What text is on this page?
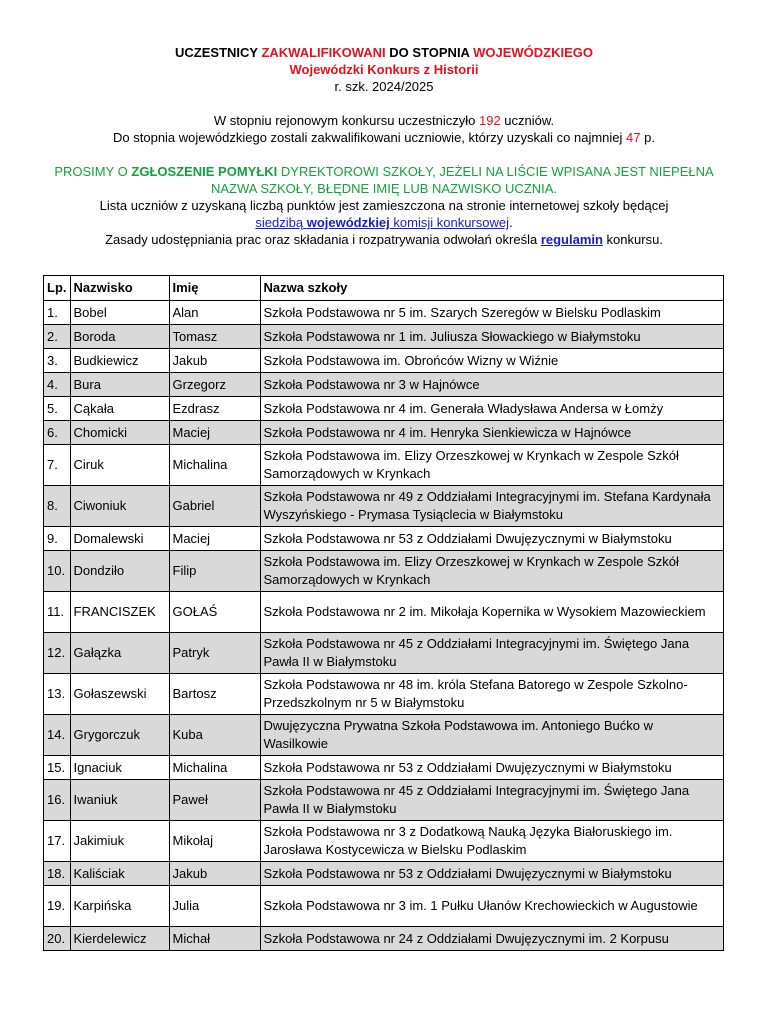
UCZESTNICY ZAKWALIFIKOWANI DO STOPNIA WOJEWÓDZKIEGO
Wojewódzki Konkurs z Historii
r. szk. 2024/2025
W stopniu rejonowym konkursu uczestniczyło 192 uczniów.
Do stopnia wojewódzkiego zostali zakwalifikowani uczniowie, którzy uzyskali co najmniej 47 p.
PROSIMY O ZGŁOSZENIE POMYŁKI DYREKTOROWI SZKOŁY, JEŻELI NA LIŚCIE WPISANA JEST NIEPEŁNA
NAZWA SZKOŁY, BŁĘDNE IMIĘ LUB NAZWISKO UCZNIA.
Lista uczniów z uzyskaną liczbą punktów jest zamieszczona na stronie internetowej szkoły będącej
siedzibą wojewódzkiej komisji konkursowej.
Zasady udostępniania prac oraz składania i rozpatrywania odwołań określa regulamin konkursu.
Lp.	Nazwisko	Imię	Nazwa szkoły
1.	Bobel	Alan	Szkoła Podstawowa nr 5 im. Szarych Szeregów w Bielsku Podlaskim
2.	Boroda	Tomasz	Szkoła Podstawowa nr 1 im. Juliusza Słowackiego w Białymstoku
3.	Budkiewicz	Jakub	Szkoła Podstawowa im. Obrońców Wizny w Wiźnie
4.	Bura	Grzegorz	Szkoła Podstawowa nr 3 w Hajnówce
5.	Cąkała	Ezdrasz	Szkoła Podstawowa nr 4 im. Generała Władysława Andersa w Łomży
6.	Chomicki	Maciej	Szkoła Podstawowa nr 4 im. Henryka Sienkiewicza w Hajnówce
7.	Ciruk	Michalina	Szkoła Podstawowa im. Elizy Orzeszkowej w Krynkach w Zespole Szkół Samorządowych w Krynkach
8.	Ciwoniuk	Gabriel	Szkoła Podstawowa nr 49 z Oddziałami Integracyjnymi im. Stefana Kardynała Wyszyńskiego - Prymasa Tysiąclecia w Białymstoku
9.	Domalewski	Maciej	Szkoła Podstawowa nr 53 z Oddziałami Dwujęzycznymi w Białymstoku
10.	Dondziło	Filip	Szkoła Podstawowa im. Elizy Orzeszkowej w Krynkach w Zespole Szkół Samorządowych w Krynkach
11.	FRANCISZEK	GOŁAŚ	Szkoła Podstawowa nr 2 im. Mikołaja Kopernika w Wysokiem Mazowieckiem
12.	Gałązka	Patryk	Szkoła Podstawowa nr 45 z Oddziałami Integracyjnymi im. Świętego Jana Pawła II w Białymstoku
13.	Gołaszewski	Bartosz	Szkoła Podstawowa nr 48 im. króla Stefana Batorego w Zespole Szkolno-Przedszkolnym nr 5 w Białymstoku
14.	Grygorczuk	Kuba	Dwujęzyczna Prywatna Szkoła Podstawowa im. Antoniego Bućko w Wasilkowie
15.	Ignaciuk	Michalina	Szkoła Podstawowa nr 53 z Oddziałami Dwujęzycznymi w Białymstoku
16.	Iwaniuk	Paweł	Szkoła Podstawowa nr 45 z Oddziałami Integracyjnymi im. Świętego Jana Pawła II w Białymstoku
17.	Jakimiuk	Mikołaj	Szkoła Podstawowa nr 3 z Dodatkową Nauką Języka Białoruskiego im. Jarosława Kostycewicza w Bielsku Podlaskim
18.	Kaliściak	Jakub	Szkoła Podstawowa nr 53 z Oddziałami Dwujęzycznymi w Białymstoku
19.	Karpińska	Julia	Szkoła Podstawowa nr 3 im. 1 Pułku Ułanów Krechowieckich w Augustowie
20.	Kierdelewicz	Michał	Szkoła Podstawowa nr 24 z Oddziałami Dwujęzycznymi im. 2 Korpusu
